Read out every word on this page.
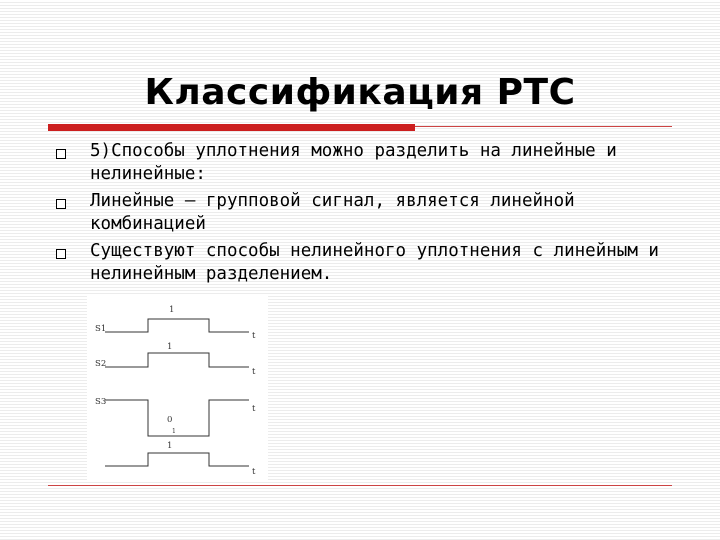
Классификация РТС
5)Способы уплотнения можно разделить на линейные и нелинейные:
Линейные – групповой сигнал, является линейной комбинацией
Существуют способы нелинейного уплотнения с линейным и нелинейным разделением.
1
S1
t
1
S2
t
S3
t
0
1
1
t
